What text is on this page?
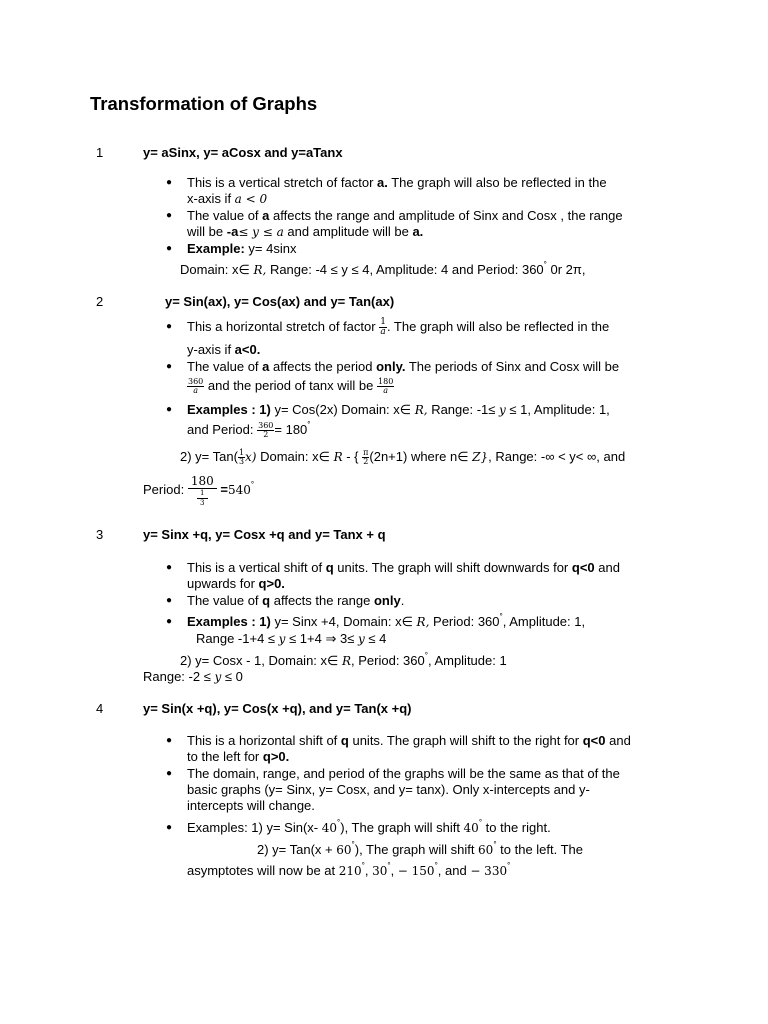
Transformation of Graphs
1	y= aSinx, y= aCosx and y=aTanx
● This is a vertical stretch of factor a. The graph will also be reflected in the
x-axis if a < 0
● The value of a affects the range and amplitude of Sinx and Cosx , the range
will be -a≤ y ≤ a and amplitude will be a.
● Example: y= 4sinx
Domain: x∈ R, Range: -4 ≤ y ≤ 4, Amplitude: 4 and Period: 360° 0r 2π,
2	y= Sin(ax), y= Cos(ax) and y= Tan(ax)
● This a horizontal stretch of factor $\frac{1}{a}$ . The graph will also be reflected in the
y-axis if a<0.
● The value of a affects the period only. The periods of Sinx and Cosx will be
$\frac{360}{a}$ and the period of tanx will be $\frac{180}{a}$
● Examples : 1) y= Cos(2x) Domain: x∈ R, Range: -1≤ y ≤ 1, Amplitude: 1,
and Period: $\frac{360}{2} = 180^\circ$
2) $y= Tan( \frac{1}{3} x)$ Domain: x∈ R - { $\frac{\pi}{2} (2n+1)$ where n∈ Z}, Range: -∞ < y< ∞, and
Period: $\frac{180}{\frac{1}{3}} =540^\circ$
3	y= Sinx +q, y= Cosx +q and y= Tanx + q
● This is a vertical shift of q units. The graph will shift downwards for q<0 and
upwards for q>0.
● The value of q affects the range only.
● Examples : 1) y= Sinx +4, Domain: x∈ R, Period: 360°, Amplitude: 1,
Range -1+4 ≤ y ≤ 1+4 ⇒ 3≤ y ≤ 4
2) y= Cosx - 1, Domain: x∈ R, Period: 360°, Amplitude: 1
Range: -2 ≤ y ≤ 0
4	y= Sin(x +q), y= Cos(x +q), and y= Tan(x +q)
● This is a horizontal shift of q units. The graph will shift to the right for q<0 and
to the left for q>0.
● The domain, range, and period of the graphs will be the same as that of the
basic graphs (y= Sinx, y= Cosx, and y= tanx). Only x-intercepts and y-
intercepts will change.
● Examples: 1) y= Sin(x- 40°), The graph will shift 40° to the right.
2) y= Tan(x + 60°), The graph will shift 60° to the left. The
asymptotes will now be at 210°, 30°, − 150°, and − 330°
